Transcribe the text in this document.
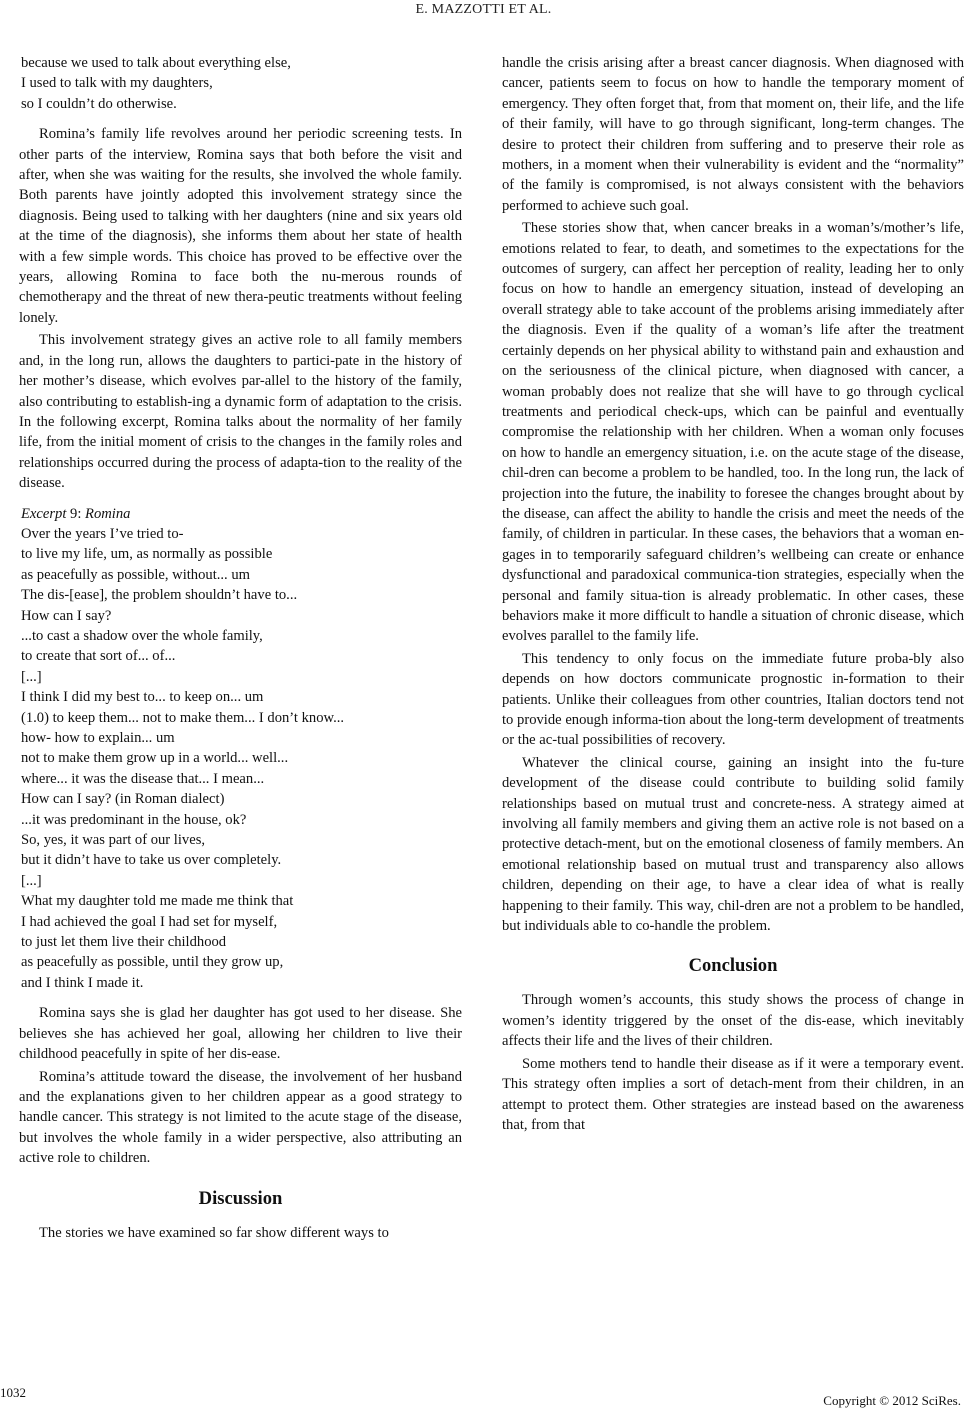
E. MAZZOTTI ET AL.
because we used to talk about everything else,
I used to talk with my daughters,
so I couldn’t do otherwise.

Romina’s family life revolves around her periodic screening tests. In other parts of the interview, Romina says that both before the visit and after, when she was waiting for the results, she involved the whole family. Both parents have jointly adopted this involvement strategy since the diagnosis. Being used to talking with her daughters (nine and six years old at the time of the diagnosis), she informs them about her state of health with a few simple words. This choice has proved to be effective over the years, allowing Romina to face both the nu-merous rounds of chemotherapy and the threat of new thera-peutic treatments without feeling lonely.

This involvement strategy gives an active role to all family members and, in the long run, allows the daughters to partici-pate in the history of her mother’s disease, which evolves par-allel to the history of the family, also contributing to establish-ing a dynamic form of adaptation to the crisis. In the following excerpt, Romina talks about the normality of her family life, from the initial moment of crisis to the changes in the family roles and relationships occurred during the process of adapta-tion to the reality of the disease.

Excerpt 9: Romina
Over the years I’ve tried to-
to live my life, um, as normally as possible
as peacefully as possible, without... um
The dis-[ease], the problem shouldn’t have to...
How can I say?
...to cast a shadow over the whole family,
to create that sort of... of...
[...]
I think I did my best to... to keep on... um
(1.0) to keep them... not to make them... I don’t know...
how- how to explain... um
not to make them grow up in a world... well...
where... it was the disease that... I mean...
How can I say? (in Roman dialect)
...it was predominant in the house, ok?
So, yes, it was part of our lives,
but it didn’t have to take us over completely.
[...]
What my daughter told me made me think that
I had achieved the goal I had set for myself,
to just let them live their childhood
as peacefully as possible, until they grow up,
and I think I made it.

Romina says she is glad her daughter has got used to her disease. She believes she has achieved her goal, allowing her children to live their childhood peacefully in spite of her dis-ease.

Romina’s attitude toward the disease, the involvement of her husband and the explanations given to her children appear as a good strategy to handle cancer. This strategy is not limited to the acute stage of the disease, but involves the whole family in a wider perspective, also attributing an active role to children.

Discussion

The stories we have examined so far show different ways to

handle the crisis arising after a breast cancer diagnosis. When diagnosed with cancer, patients seem to focus on how to handle the temporary moment of emergency. They often forget that, from that moment on, their life, and the life of their family, will have to go through significant, long-term changes. The desire to protect their children from suffering and to preserve their role as mothers, in a moment when their vulnerability is evident and the “normality” of the family is compromised, is not always consistent with the behaviors performed to achieve such goal.

These stories show that, when cancer breaks in a woman’s/mother’s life, emotions related to fear, to death, and sometimes to the expectations for the outcomes of surgery, can affect her perception of reality, leading her to only focus on how to handle an emergency situation, instead of developing an overall strategy able to take account of the problems arising immediately after the diagnosis. Even if the quality of a woman’s life after the treatment certainly depends on her physical ability to withstand pain and exhaustion and on the seriousness of the clinical picture, when diagnosed with cancer, a woman probably does not realize that she will have to go through cyclical treatments and periodical check-ups, which can be painful and eventually compromise the relationship with her children. When a woman only focuses on how to handle an emergency situation, i.e. on the acute stage of the disease, chil-dren can become a problem to be handled, too. In the long run, the lack of projection into the future, the inability to foresee the changes brought about by the disease, can affect the ability to handle the crisis and meet the needs of the family, of children in particular. In these cases, the behaviors that a woman en-gages in to temporarily safeguard children’s wellbeing can create or enhance dysfunctional and paradoxical communica-tion strategies, especially when the personal and family situa-tion is already problematic. In other cases, these behaviors make it more difficult to handle a situation of chronic disease, which evolves parallel to the family life.

This tendency to only focus on the immediate future proba-bly also depends on how doctors communicate prognostic in-formation to their patients. Unlike their colleagues from other countries, Italian doctors tend not to provide enough informa-tion about the long-term development of treatments or the ac-tual possibilities of recovery.

Whatever the clinical course, gaining an insight into the fu-ture development of the disease could contribute to building solid family relationships based on mutual trust and concrete-ness. A strategy aimed at involving all family members and giving them an active role is not based on a protective detach-ment, but on the emotional closeness of family members. An emotional relationship based on mutual trust and transparency also allows children, depending on their age, to have a clear idea of what is really happening to their family. This way, chil-dren are not a problem to be handled, but individuals able to co-handle the problem.

Conclusion

Through women’s accounts, this study shows the process of change in women’s identity triggered by the onset of the dis-ease, which inevitably affects their life and the lives of their children.

Some mothers tend to handle their disease as if it were a temporary event. This strategy often implies a sort of detach-ment from their children, in an attempt to protect them. Other strategies are instead based on the awareness that, from that

1032
Copyright © 2012 SciRes.
